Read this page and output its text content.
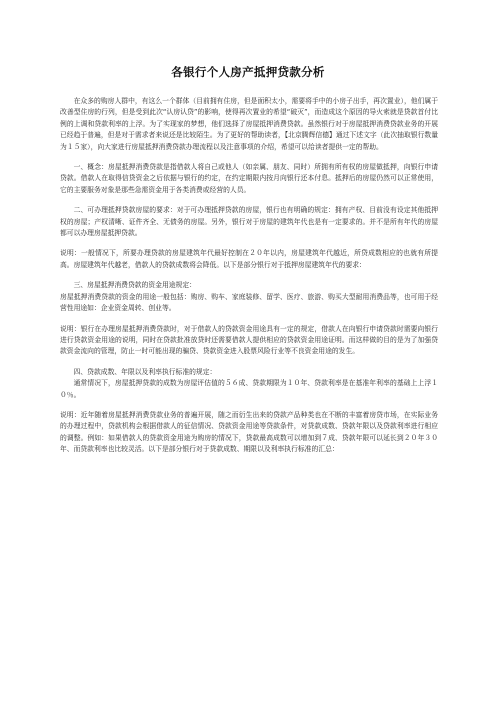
各银行个人房产抵押贷款分析

在众多的购房人群中，有这么一个群体（目前拥有住房，但是面积太小，需要将手中的小房子出手，再次置业），他们属于改善型住房的行列，但是受到此次“认房认贷”的影响，使得再次置业的希望“破灭”，而造成这个原因的导火索就是贷款首付比例的上调和贷款利率的上浮。为了实现家的梦想，他们选择了房屋抵押消费贷款。虽然银行对于房屋抵押消费贷款业务的开展已经趋于普遍，但是对于需求者来说还是比较陌生。为了更好的帮助读者，【北京腾辉信德】通过下述文字（此次抽取银行数量为１５家），向大家进行房屋抵押消费贷款办理流程以及注意事项的介绍，希望可以给读者提供一定的帮助。

一、概念：房屋抵押消费贷款是指借款人将自己或他人（如亲属、朋友、同时）所拥有所有权的房屋做抵押，向银行申请贷款。借款人在取得信贷资金之后依据与银行的约定，在约定期限内按月向银行还本付息。抵押后的房屋仍然可以正常使用，它的主要服务对象是那些急需资金用于各类消费或经营的人员。

二、可办理抵押贷款房屋的要求：对于可办理抵押贷款的房屋，银行也有明确的规定：拥有产权、目前没有设定其他抵押权的房屋；产权清晰、证件齐全、无债务的房屋。另外，银行对于房屋的建筑年代也是有一定要求的。并不是所有年代的房屋都可以办理房屋抵押贷款。

说明：一般情况下，所要办理贷款的房屋建筑年代最好控制在２０年以内，房屋建筑年代越近，所贷成数相应的也就有所提高。房屋建筑年代越老，借款人的贷款成数将会降低。以下是部分银行对于抵押房屋建筑年代的要求：

三、房屋抵押消费贷款的资金用途规定：

房屋抵押消费贷款的资金的用途一般包括：购房、购车、家庭装修、留学、医疗、旅游、购买大型耐用消费品等，也可用于经营性用途如：企业资金周转、创业等。

说明：银行在办理房屋抵押消费贷款时，对于借款人的贷款资金用途具有一定的规定，借款人在向银行申请贷款时需要向银行进行贷款资金用途的说明，同时在贷款批准放贷时还需要借款人提供相应的贷款资金用途证明。而这样做的目的是为了加强贷款资金流向的管理，防止一时可能出现的骗贷、贷款资金进入股票风险行业等不良资金用途的发生。

四、贷款成数、年限以及利率执行标准的规定：

通常情况下，房屋抵押贷款的成数为房屋评估值的５６成、贷款期限为１０年、贷款利率是在基准年利率的基础上上浮１０％。

说明：近年随着房屋抵押消费贷款业务的普遍开展，随之而衍生出来的贷款产品种类也在不断的丰富着房贷市场，在实际业务的办理过程中，贷款机构会根据借款人的征信情况、贷款资金用途等贷款条件，对贷款成数、贷款年限以及贷款利率进行相应的调整。例如：如果借款人的贷款资金用途为购房的情况下，贷款最高成数可以增加到７成、贷款年限可以延长到２０年３０年、而贷款利率也比较灵活。以下是部分银行对于贷款成数、期限以及利率执行标准的汇总：
